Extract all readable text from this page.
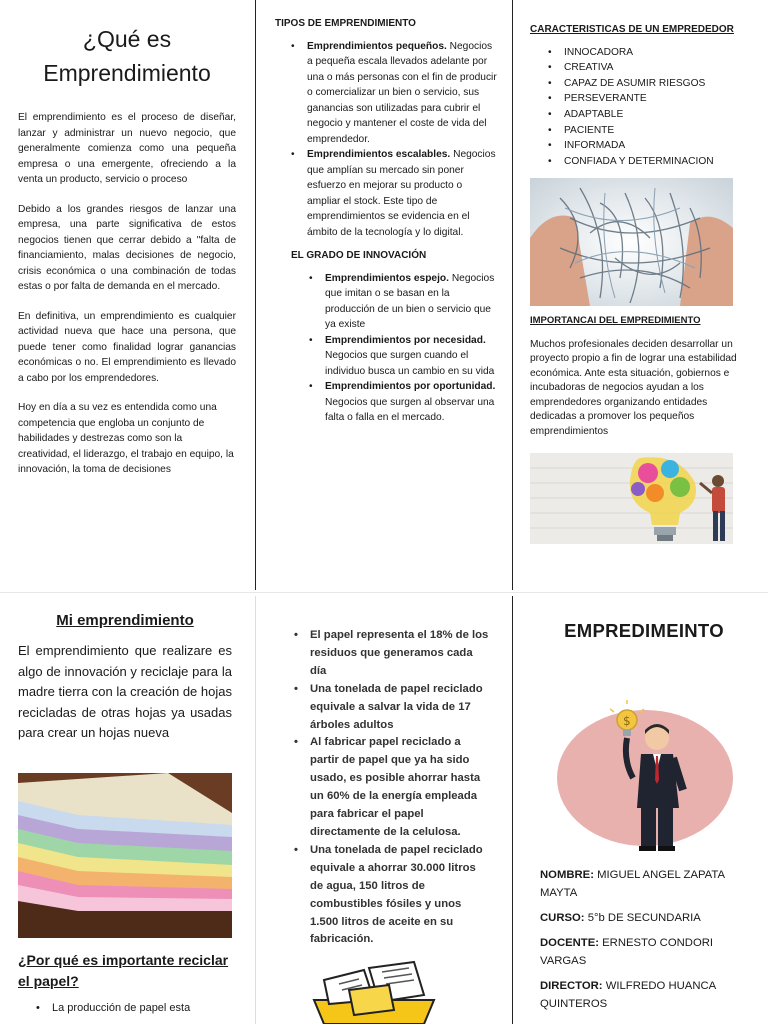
¿Qué es
Emprendimiento

El emprendimiento es el proceso de diseñar, lanzar y administrar un nuevo negocio, que generalmente comienza como una pequeña empresa o una emergente, ofreciendo a la venta un producto, servicio o proceso

Debido a los grandes riesgos de lanzar una empresa, una parte significativa de estos negocios tienen que cerrar debido a "falta de financiamiento, malas decisiones de negocio, crisis económica o una combinación de todas estas o por falta de demanda en el mercado.

En definitiva, un emprendimiento es cualquier actividad nueva que hace una persona, que puede tener como finalidad lograr ganancias económicas o no. El emprendimiento es llevado a cabo por los emprendedores.

Hoy en día a su vez es entendida como una competencia que engloba un conjunto de habilidades y destrezas como son la creatividad, el liderazgo, el trabajo en equipo, la innovación, la toma de decisiones

TIPOS DE EMPRENDIMIENTO
• Emprendimientos pequeños. Negocios a pequeña escala llevados adelante por una o más personas con el fin de producir o comercializar un bien o servicio, sus ganancias son utilizadas para cubrir el negocio y mantener el coste de vida del emprendedor.
• Emprendimientos escalables. Negocios que amplían su mercado sin poner esfuerzo en mejorar su producto o ampliar el stock. Este tipo de emprendimientos se evidencia en el ámbito de la tecnología y lo digital.
EL GRADO DE INNOVACIÓN
• Emprendimientos espejo. Negocios que imitan o se basan en la producción de un bien o servicio que ya existe
• Emprendimientos por necesidad. Negocios que surgen cuando el individuo busca un cambio en su vida
• Emprendimientos por oportunidad. Negocios que surgen al observar una falta o falla en el mercado.
CARACTERISTICAS DE UN EMPREDEDOR
• INNOCADORA
• CREATIVA
• CAPAZ DE ASUMIR RIESGOS
• PERSEVERANTE
• ADAPTABLE
• PACIENTE
• INFORMADA
• CONFIADA Y DETERMINACION
IMPORTANCAI DEL EMPREDIMIENTO

Muchos profesionales deciden desarrollar un proyecto propio a fin de lograr una estabilidad económica. Ante esta situación, gobiernos e incubadoras de negocios ayudan a los emprendedores organizando entidades dedicadas a promover los pequeños emprendimientos

Mi emprendimiento

El emprendimiento que realizare es algo de innovación y reciclaje para la madre tierra con la creación de hojas recicladas de otras hojas ya usadas para crear un hojas nueva

¿Por qué es importante reciclar el papel?
• La producción de papel esta
• El papel representa el 18% de los residuos que generamos cada día
• Una tonelada de papel reciclado equivale a salvar la vida de 17 árboles adultos
• Al fabricar papel reciclado a partir de papel que ya ha sido usado, es posible ahorrar hasta un 60% de la energía empleada para fabricar el papel directamente de la celulosa.
• Una tonelada de papel reciclado equivale a ahorrar 30.000 litros de agua, 150 litros de combustibles fósiles y unos 1.500 litros de aceite en su fabricación.
EMPREDIMEINTO
$

NOMBRE: MIGUEL ANGEL ZAPATA MAYTA

CURSO: 5°b DE SECUNDARIA

DOCENTE: ERNESTO CONDORI VARGAS

DIRECTOR: WILFREDO HUANCA QUINTEROS
